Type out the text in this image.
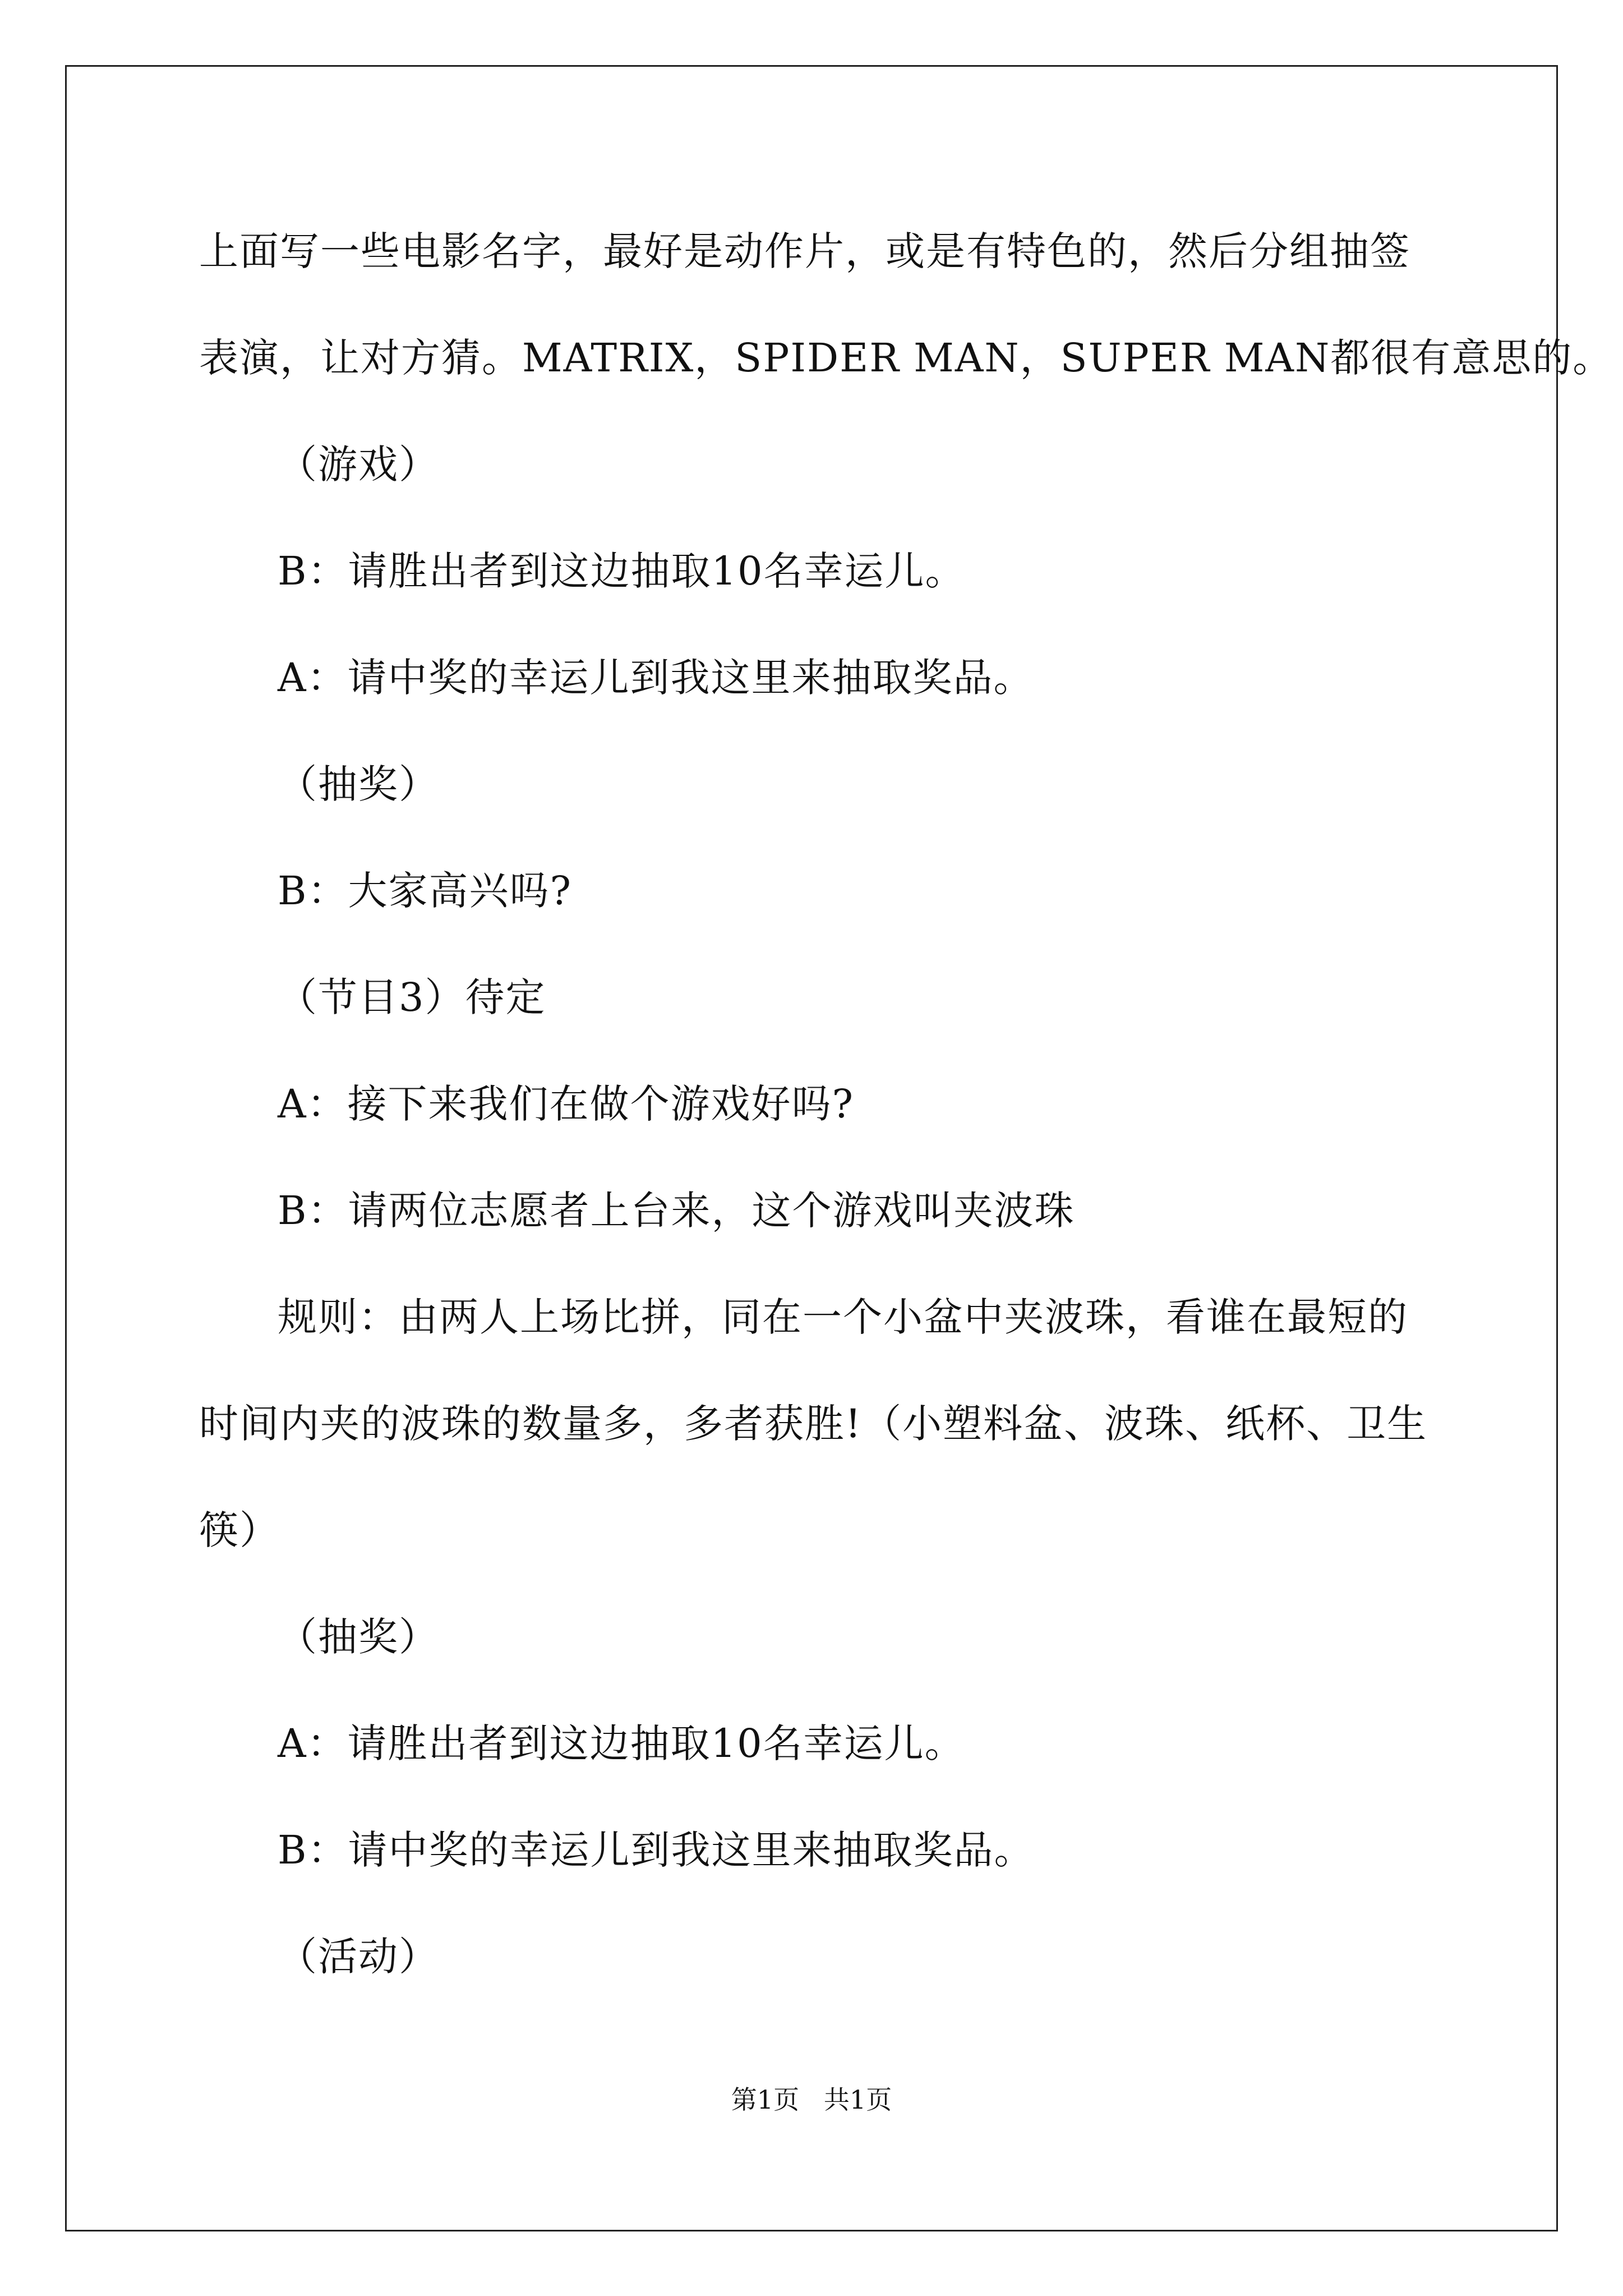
上面写一些电影名字，最好是动作片，或是有特色的，然后分组抽签
表演，让对方猜。MATRIX，SPIDER MAN，SUPER MAN都很有意思的。
（游戏）
B：请胜出者到这边抽取10名幸运儿。
A：请中奖的幸运儿到我这里来抽取奖品。
（抽奖）
B：大家高兴吗?
（节目3）待定
A：接下来我们在做个游戏好吗?
B：请两位志愿者上台来，这个游戏叫夹波珠
规则：由两人上场比拼，同在一个小盆中夹波珠，看谁在最短的
时间内夹的波珠的数量多，多者获胜!（小塑料盆、波珠、纸杯、卫生
筷）
（抽奖）
A：请胜出者到这边抽取10名幸运儿。
B：请中奖的幸运儿到我这里来抽取奖品。
（活动）
第1页   共1页
